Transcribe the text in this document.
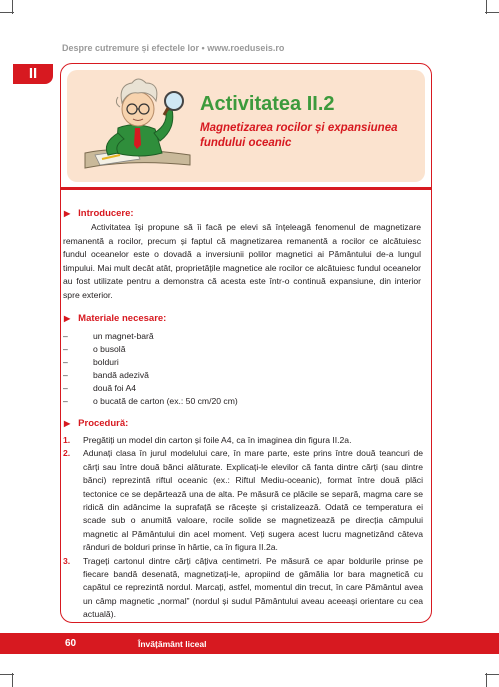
Despre cutremure și efectele lor • www.roeduseis.ro
II
Activitatea II.2
Magnetizarea rocilor și expansiunea fundului oceanic
▶ Introducere:
Activitatea își propune să îi facă pe elevi să înțeleagă fenomenul de magnetizare remanentă a rocilor, precum și faptul că magnetizarea remanentă a rocilor ce alcătuiesc fundul oceanelor este o dovadă a inversiunii polilor magnetici ai Pământului de-a lungul timpului. Mai mult decât atât, proprietățile magnetice ale rocilor ce alcătuiesc fundul oceanelor au fost utilizate pentru a demonstra că acesta este într-o continuă expansiune, din interior spre exterior.
▶ Materiale necesare:
–	un magnet-bară
–	o busolă
–	bolduri
–	bandă adezivă
–	două foi A4
–	o bucată de carton (ex.: 50 cm/20 cm)
▶ Procedură:
1.	Pregătiți un model din carton și foile A4, ca în imaginea din figura II.2a.
2.	Adunați clasa în jurul modelului care, în mare parte, este prins între două teancuri de cărți sau între două bănci alăturate. Explicați-le elevilor că fanta dintre cărți (sau dintre bănci) reprezintă riftul oceanic (ex.: Riftul Mediu-oceanic), format între două plăci tectonice ce se depărtează una de alta. Pe măsură ce plăcile se separă, magma care se ridică din adâncime la suprafață se răcește și cristalizează. Odată ce temperatura ei scade sub o anumită valoare, rocile solide se magnetizează pe direcția câmpului magnetic al Pământului din acel moment. Veți sugera acest lucru magnetizând câteva rânduri de bolduri prinse în hârtie, ca în figura II.2a.
3.	Trageți cartonul dintre cărți câțiva centimetri. Pe măsură ce apar boldurile prinse pe fiecare bandă desenată, magnetizați-le, apropiind de gămălia lor bara magnetică cu capătul ce reprezintă nordul. Marcați, astfel, momentul din trecut, în care Pământul avea un câmp magnetic „normal” (nordul și sudul Pământului aveau aceeași orientare cu cea actuală).
60	Învățământ liceal
